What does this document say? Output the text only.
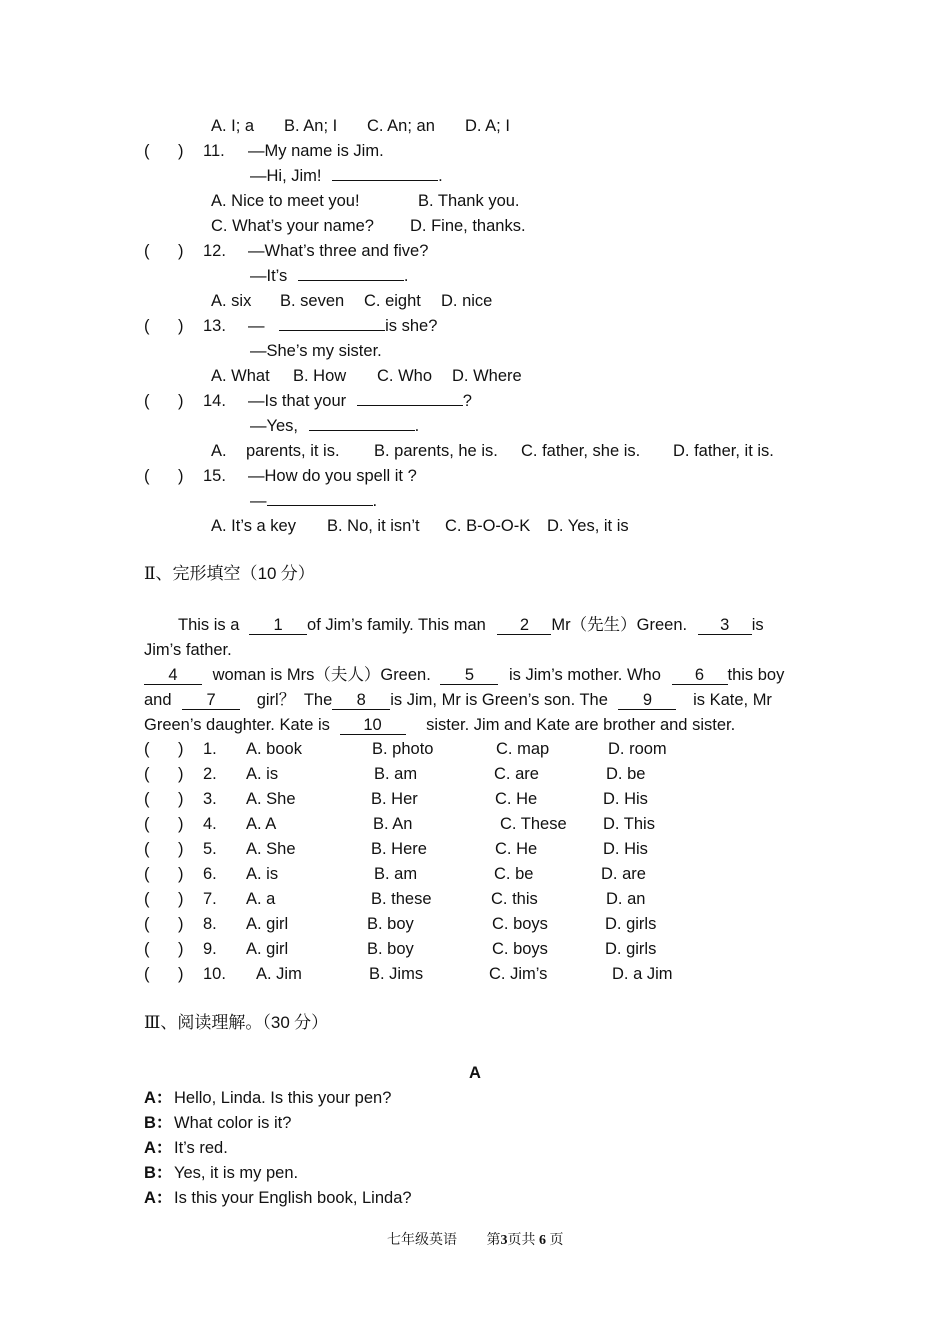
A. I; a B. An; I C. An; an D. A; I
( ) 11. —My name is Jim.
—Hi, Jim!	.
A. Nice to meet you!	B. Thank you.
C. What’s your name? D. Fine, thanks.
( ) 12. —What’s three and five?
—It’s	.
A. six B. seven C. eight D. nice
( ) 13. —	is she?
—She’s my sister.
A. What B. How C. Who D. Where
( ) 14. —Is that your	?
—Yes,	.
A. parents, it is. B. parents, he is. C. father, she is. D. father, it is.
( ) 15. —How do you spell it ?
—	.
A. It’s a key B. No, it isn’t C. B-O-O-K D. Yes, it is
Ⅱ、完形填空（10 分）
This is a 1 of Jim’s family. This man 2 Mr（先生）Green. 3 is
Jim’s father.
4 woman is Mrs（夫人）Green. 5 is Jim’s mother. Who 6 this boy
and 7 girl？ The 8 is Jim, Mr is Green’s son. The 9 is Kate, Mr
Green’s daughter. Kate is 10	sister. Jim and Kate are brother and sister.
( ) 1. A. book	B. photo	C. map	D. room
( ) 2. A. is	B. am	C. are	D. be
( ) 3. A. She	B. Her	C. He	D. His
( ) 4. A. A	B. An	C. These D. This
( ) 5. A. She	B. Here	C. He	D. His
( ) 6. A. is	B. am	C. be	D. are
( ) 7. A. a	B. these	C. this	D. an
( ) 8. A. girl	B. boy	C. boys	D. girls
( ) 9. A. girl	B. boy	C. boys	D. girls
( ) 10. A. Jim	B. Jims	C. Jim’s	D. a Jim
Ⅲ、阅读理解。（30 分）
A
A： Hello, Linda. Is this your pen?
B： What color is it?
A： It’s red.
B： Yes, it is my pen.
A： Is this your English book, Linda?
七年级英语 第3页共 6 页
